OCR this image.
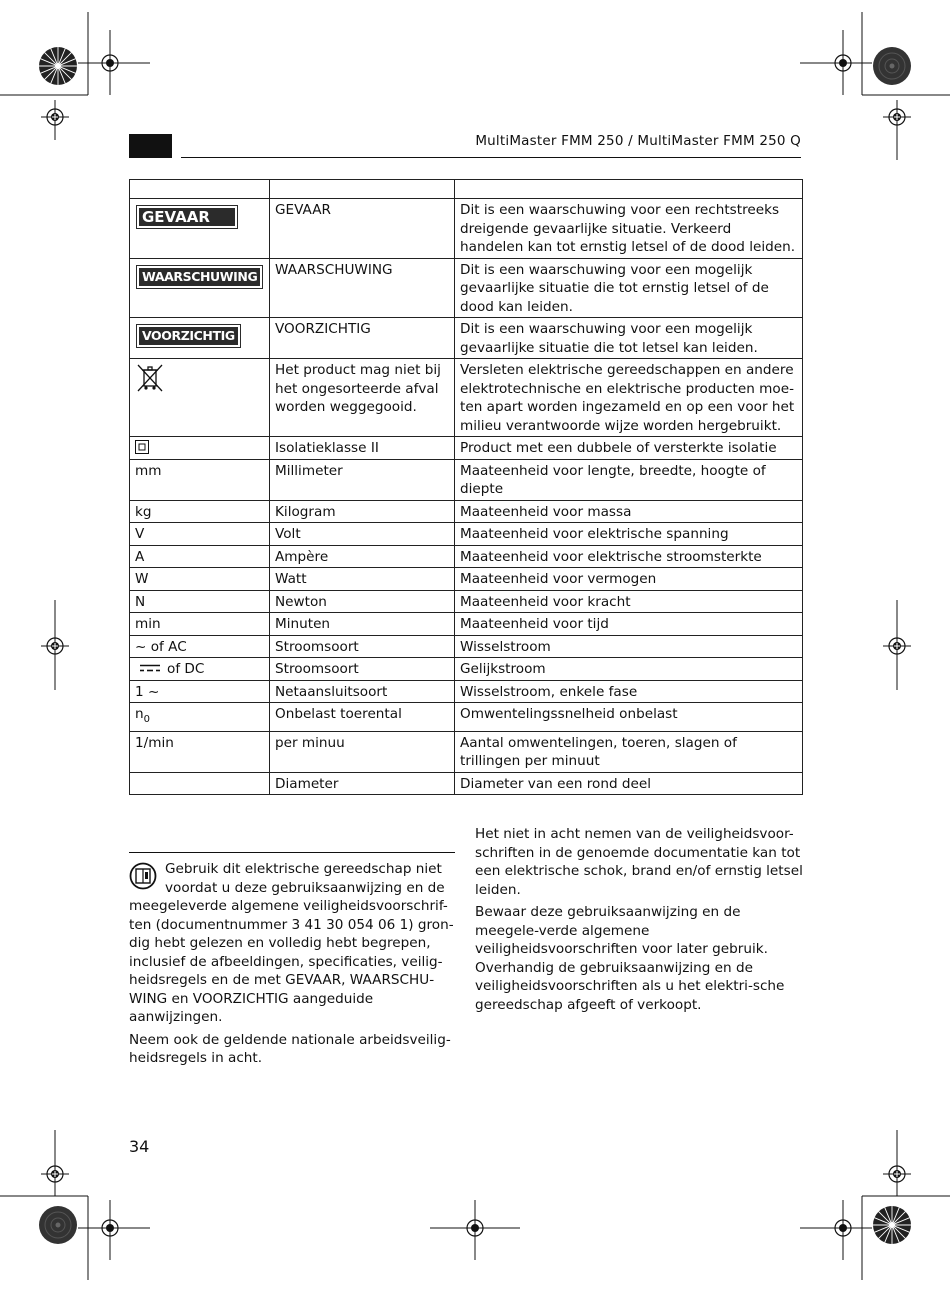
MultiMaster FMM 250 / MultiMaster FMM 250 Q

GEVAAR	GEVAAR	Dit is een waarschuwing voor een rechtstreeks dreigende gevaarlijke situatie. Verkeerd handelen kan tot ernstig letsel of de dood leiden.
WAARSCHUWING	WAARSCHUWING	Dit is een waarschuwing voor een mogelijk gevaarlijke situatie die tot ernstig letsel of de dood kan leiden.
VOORZICHTIG	VOORZICHTIG	Dit is een waarschuwing voor een mogelijk gevaarlijke situatie die tot letsel kan leiden.
	Het product mag niet bij het ongesorteerde afval worden weggegooid.	Versleten elektrische gereedschappen en andere elektrotechnische en elektrische producten moe-ten apart worden ingezameld en op een voor het milieu verantwoorde wijze worden hergebruikt.
	Isolatieklasse II	Product met een dubbele of versterkte isolatie
mm	Millimeter	Maateenheid voor lengte, breedte, hoogte of diepte
kg	Kilogram	Maateenheid voor massa
V	Volt	Maateenheid voor elektrische spanning
A	Ampère	Maateenheid voor elektrische stroomsterkte
W	Watt	Maateenheid voor vermogen
N	Newton	Maateenheid voor kracht
min	Minuten	Maateenheid voor tijd
~ of AC	Stroomsoort	Wisselstroom
of DC	Stroomsoort	Gelijkstroom
1 ~	Netaansluitsoort	Wisselstroom, enkele fase
$n_0$	Onbelast toerental	Omwentelingssnelheid onbelast
1/min	per minuu	Aantal omwentelingen, toeren, slagen of trillingen per minuut
	Diameter	Diameter van een rond deel

Gebruik dit elektrische gereedschap niet voordat u deze gebruiksaanwijzing en de meegeleverde algemene veiligheidsvoorschrif-ten (documentnummer 3 41 30 054 06 1) gron-dig hebt gelezen en volledig hebt begrepen, inclusief de afbeeldingen, specificaties, veilig-heidsregels en de met GEVAAR, WAARSCHU-WING en VOORZICHTIG aangeduide aanwijzingen.

Neem ook de geldende nationale arbeidsveilig-heidsregels in acht.

Het niet in acht nemen van de veiligheidsvoor-schriften in de genoemde documentatie kan tot een elektrische schok, brand en/of ernstig letsel leiden.

Bewaar deze gebruiksaanwijzing en de meegele-verde algemene veiligheidsvoorschriften voor later gebruik. Overhandig de gebruiksaanwijzing en de veiligheidsvoorschriften als u het elektri-sche gereedschap afgeeft of verkoopt.

34
